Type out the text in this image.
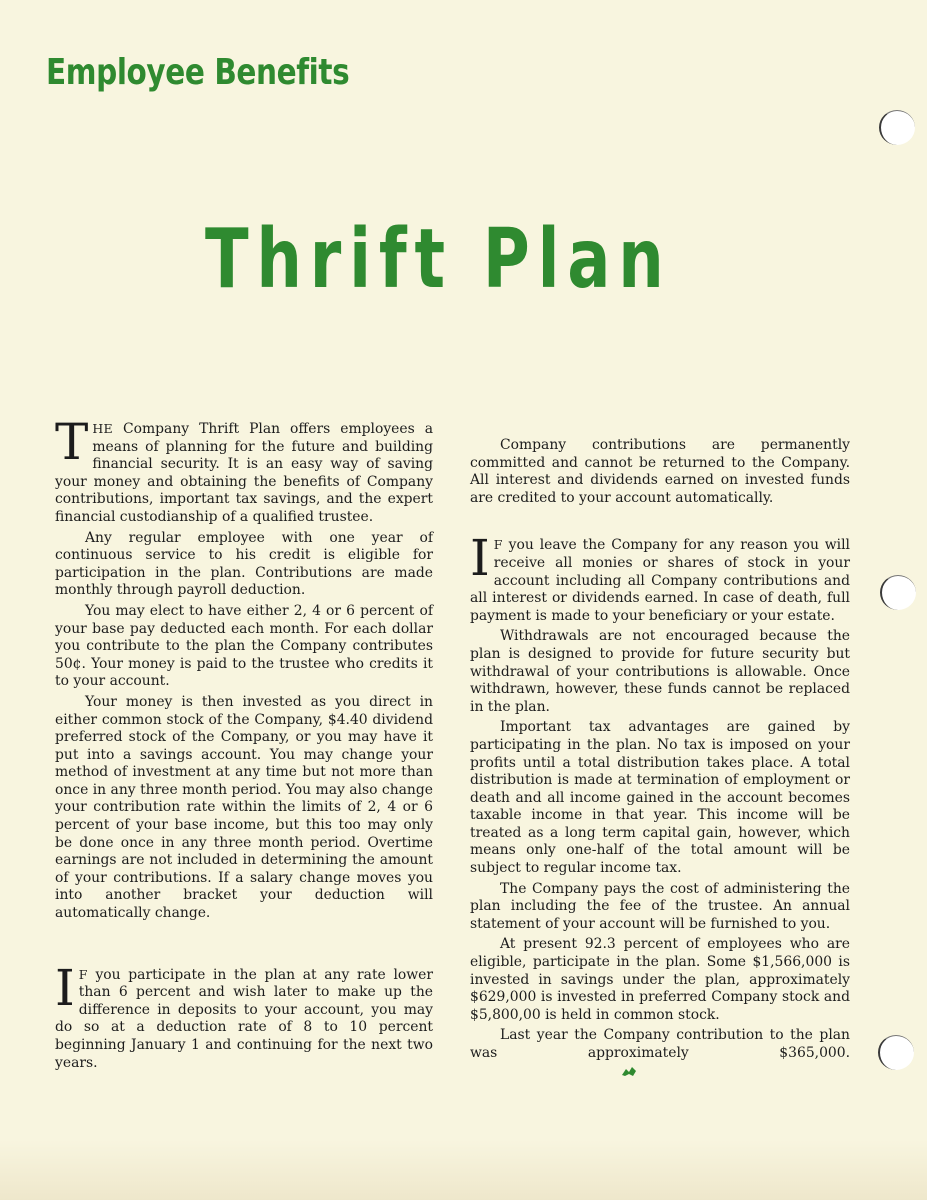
Employee Benefits
Thrift Plan

THE Company Thrift Plan offers employees a means of planning for the future and building financial security. It is an easy way of saving your money and obtaining the benefits of Company contributions, important tax savings, and the expert financial custodianship of a qualified trustee.

Any regular employee with one year of continuous service to his credit is eligible for participation in the plan. Contributions are made monthly through payroll deduction.

You may elect to have either 2, 4 or 6 percent of your base pay deducted each month. For each dollar you contribute to the plan the Company contributes 50¢. Your money is paid to the trustee who credits it to your account.

Your money is then invested as you direct in either common stock of the Company, $4.40 dividend preferred stock of the Company, or you may have it put into a savings account. You may change your method of investment at any time but not more than once in any three month period. You may also change your contribution rate within the limits of 2, 4 or 6 percent of your base income, but this too may only be done once in any three month period. Overtime earnings are not included in determining the amount of your contributions. If a salary change moves you into another bracket your deduction will automatically change.

I F you participate in the plan at any rate lower than 6 percent and wish later to make up the difference in deposits to your account, you may do so at a deduction rate of 8 to 10 percent beginning January 1 and continuing for the next two years.

Company contributions are permanently committed and cannot be returned to the Company. All interest and dividends earned on invested funds are credited to your account automatically.

I F you leave the Company for any reason you will receive all monies or shares of stock in your account including all Company contributions and all interest or dividends earned. In case of death, full payment is made to your beneficiary or your estate.

Withdrawals are not encouraged because the plan is designed to provide for future security but withdrawal of your contributions is allowable. Once withdrawn, however, these funds cannot be replaced in the plan.

Important tax advantages are gained by participating in the plan. No tax is imposed on your profits until a total distribution takes place. A total distribution is made at termination of employment or death and all income gained in the account becomes taxable income in that year. This income will be treated as a long term capital gain, however, which means only one-half of the total amount will be subject to regular income tax.

The Company pays the cost of administering the plan including the fee of the trustee. An annual statement of your account will be furnished to you.

At present 92.3 percent of employees who are eligible, participate in the plan. Some $1,566,000 is invested in savings under the plan, approximately $629,000 is invested in preferred Company stock and $5,800,00 is held in common stock.

Last year the Company contribution to the plan was approximately $365,000.
